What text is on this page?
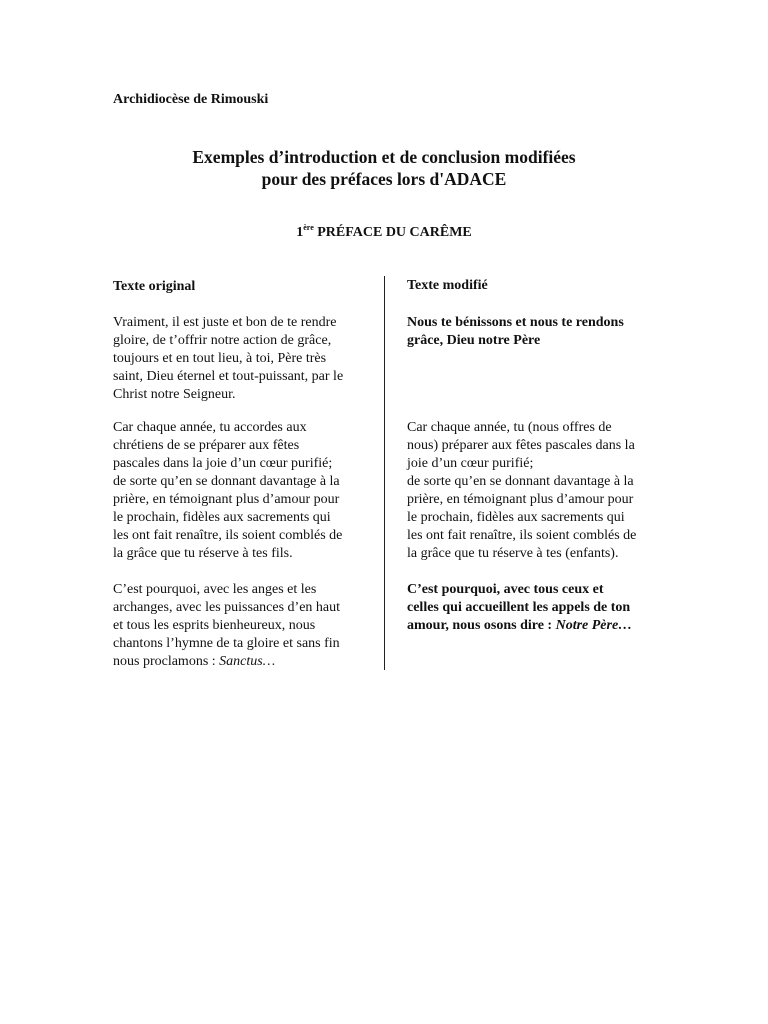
Archidiocèse de Rimouski

Exemples d’introduction et de conclusion modifiées
pour des préfaces lors d'ADACE
1ère PRÉFACE DU CARÊME

Texte original

Vraiment, il est juste et bon de te rendre
gloire, de t’offrir notre action de grâce,
toujours et en tout lieu, à toi, Père très
saint, Dieu éternel et tout-puissant, par le
Christ notre Seigneur.
Car chaque année, tu accordes aux
chrétiens de se préparer aux fêtes
pascales dans la joie d’un cœur purifié;
de sorte qu’en se donnant davantage à la
prière, en témoignant plus d’amour pour
le prochain, fidèles aux sacrements qui
les ont fait renaître, ils soient comblés de
la grâce que tu réserve à tes fils.
C’est pourquoi, avec les anges et les
archanges, avec les puissances d’en haut
et tous les esprits bienheureux, nous
chantons l’hymne de ta gloire et sans fin
nous proclamons : Sanctus…

Texte modifié

Nous te bénissons et nous te rendons
grâce, Dieu notre Père
Car chaque année, tu (nous offres de
nous) préparer aux fêtes pascales dans la
joie d’un cœur purifié;
de sorte qu’en se donnant davantage à la
prière, en témoignant plus d’amour pour
le prochain, fidèles aux sacrements qui
les ont fait renaître, ils soient comblés de
la grâce que tu réserve à tes (enfants).
C’est pourquoi, avec tous ceux et
celles qui accueillent les appels de ton
amour, nous osons dire : Notre Père…
